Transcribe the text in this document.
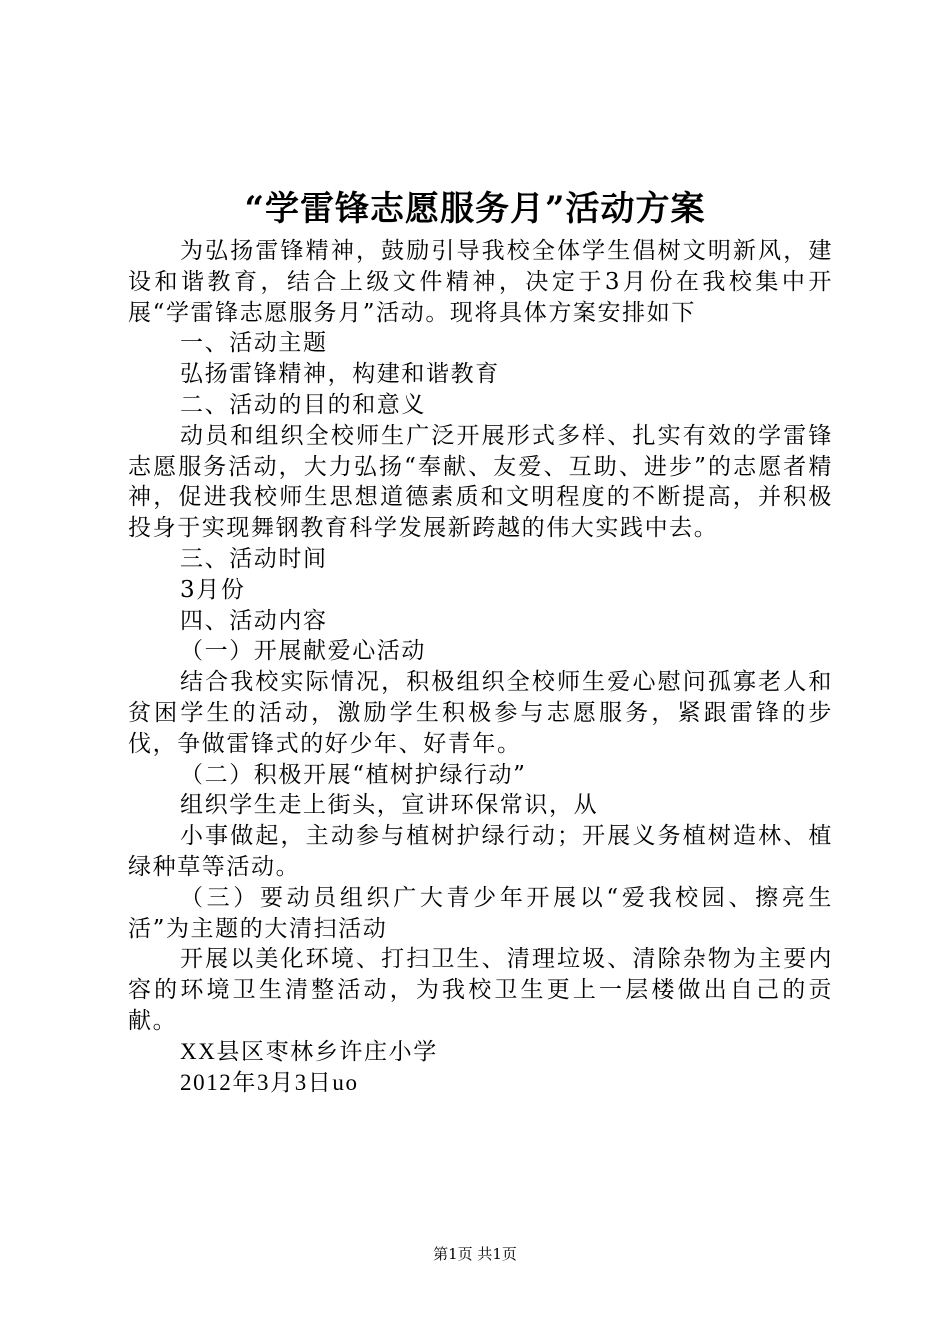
“学雷锋志愿服务月”活动方案

为弘扬雷锋精神，鼓励引导我校全体学生倡树文明新风，建设和谐教育，结合上级文件精神，决定于3月份在我校集中开展“学雷锋志愿服务月”活动。现将具体方案安排如下

一、活动主题

弘扬雷锋精神，构建和谐教育

二、活动的目的和意义

动员和组织全校师生广泛开展形式多样、扎实有效的学雷锋志愿服务活动，大力弘扬“奉献、友爱、互助、进步”的志愿者精神，促进我校师生思想道德素质和文明程度的不断提高，并积极投身于实现舞钢教育科学发展新跨越的伟大实践中去。

三、活动时间

3月份

四、活动内容

（一）开展献爱心活动

结合我校实际情况，积极组织全校师生爱心慰问孤寡老人和贫困学生的活动，激励学生积极参与志愿服务，紧跟雷锋的步伐，争做雷锋式的好少年、好青年。

（二）积极开展“植树护绿行动”

组织学生走上街头，宣讲环保常识，从

小事做起，主动参与植树护绿行动；开展义务植树造林、植绿种草等活动。

（三）要动员组织广大青少年开展以“爱我校园、擦亮生活”为主题的大清扫活动

开展以美化环境、打扫卫生、清理垃圾、清除杂物为主要内容的环境卫生清整活动，为我校卫生更上一层楼做出自己的贡献。

XX县区枣林乡许庄小学

2012年3月3日uo

第1页 共1页
